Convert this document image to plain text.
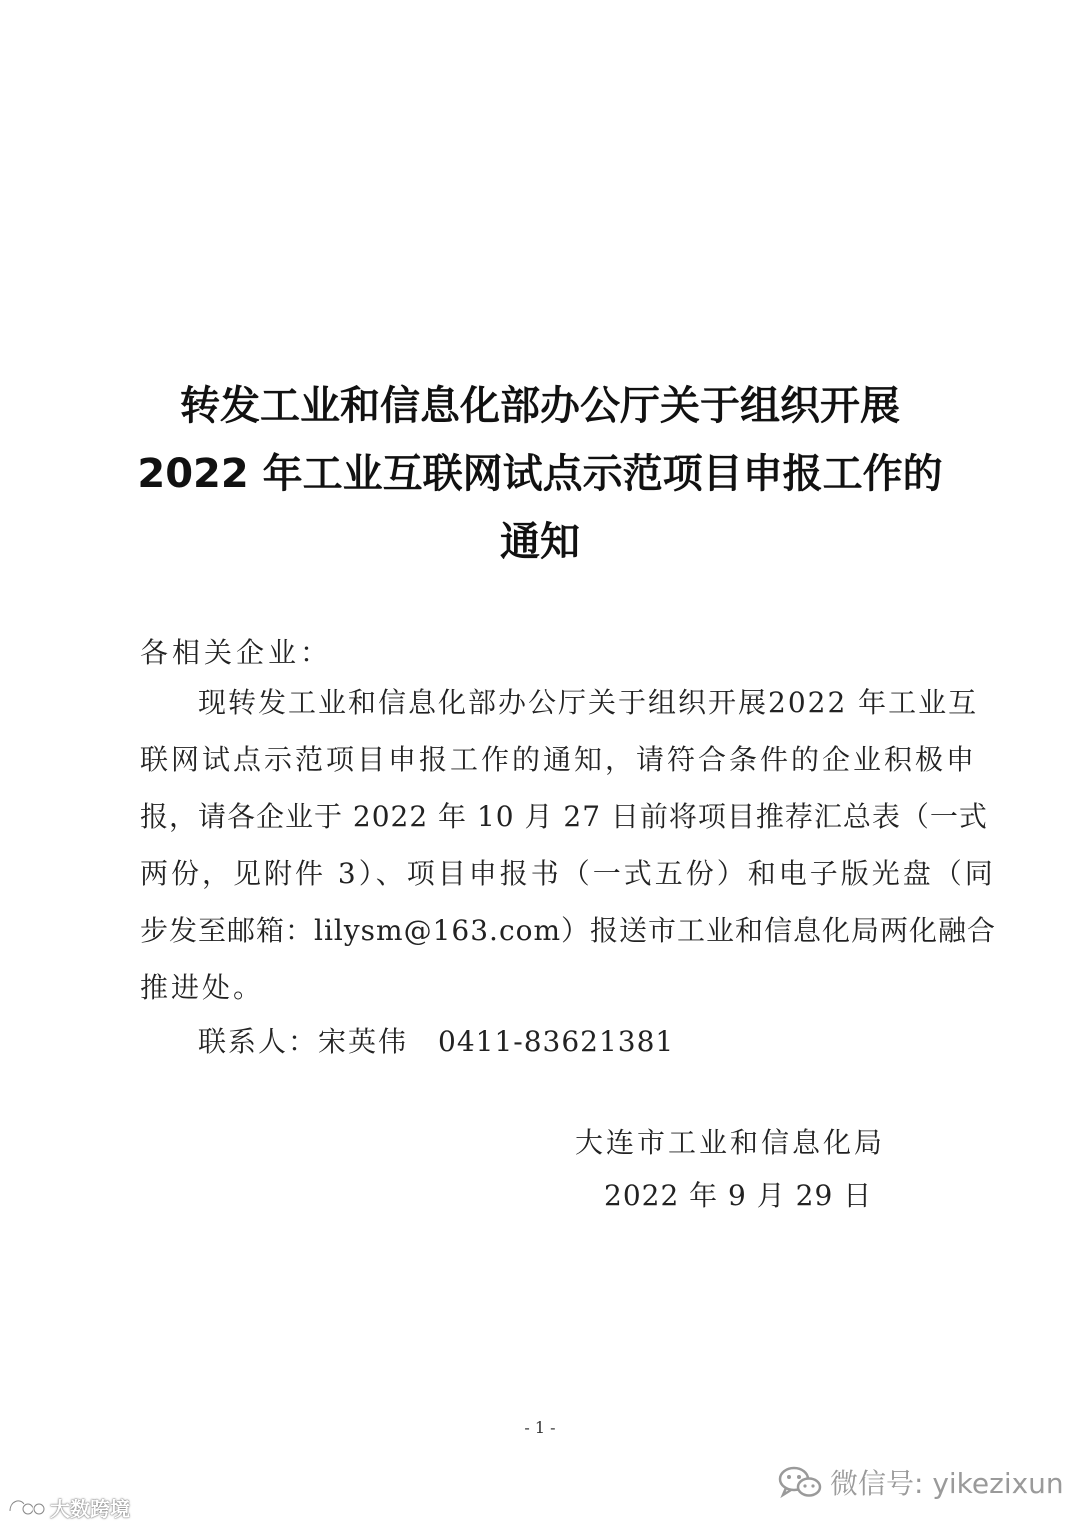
转发工业和信息化部办公厅关于组织开展
2022 年工业互联网试点示范项目申报工作的
通知
各相关企业：
现转发工业和信息化部办公厅关于组织开展2022 年工业互
联网试点示范项目申报工作的通知，请符合条件的企业积极申
报，请各企业于 2022 年 10 月 27 日前将项目推荐汇总表（一式
两份，见附件 3）、项目申报书（一式五份）和电子版光盘（同
步发至邮箱：lilysm@163.com）报送市工业和信息化局两化融合
推进处。
联系人：宋英伟 0411-83621381
大连市工业和信息化局
2022 年 9 月 29 日
- 1 -
大数跨境
微信号: yikezixun
